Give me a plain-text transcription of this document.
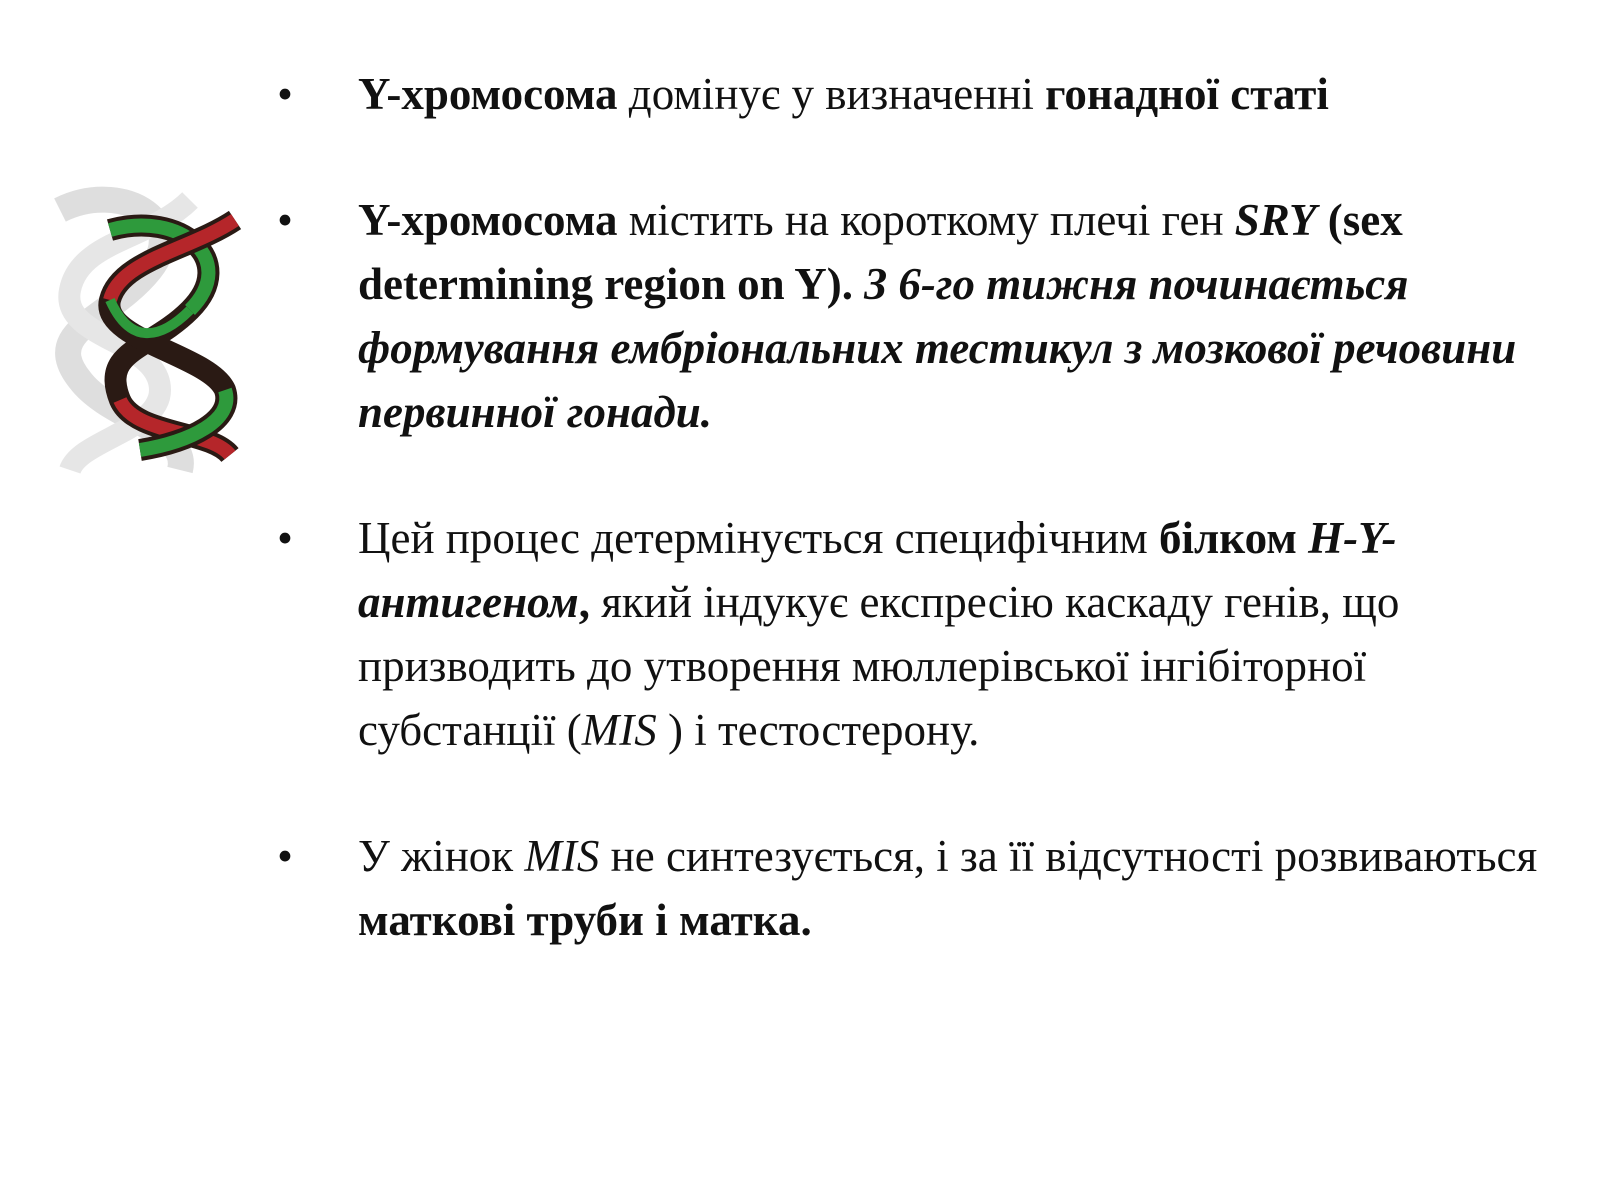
• Y-хромосома домінує у визначенні гонадної статі
• Y-хромосома містить на короткому плечі ген SRY (sex determining region on Y). З 6-го тижня починається формування ембріональних тестикул з мозкової речовини первинної гонади.
• Цей процес детермінується специфічним білком H-Y-антигеном, який індукує експресію каскаду генів, що призводить до утворення мюллерівської інгібіторної субстанції (MIS ) і тестостерону.
• У жінок MIS не синтезується, і за її відсутності розвиваються маткові труби і матка.
